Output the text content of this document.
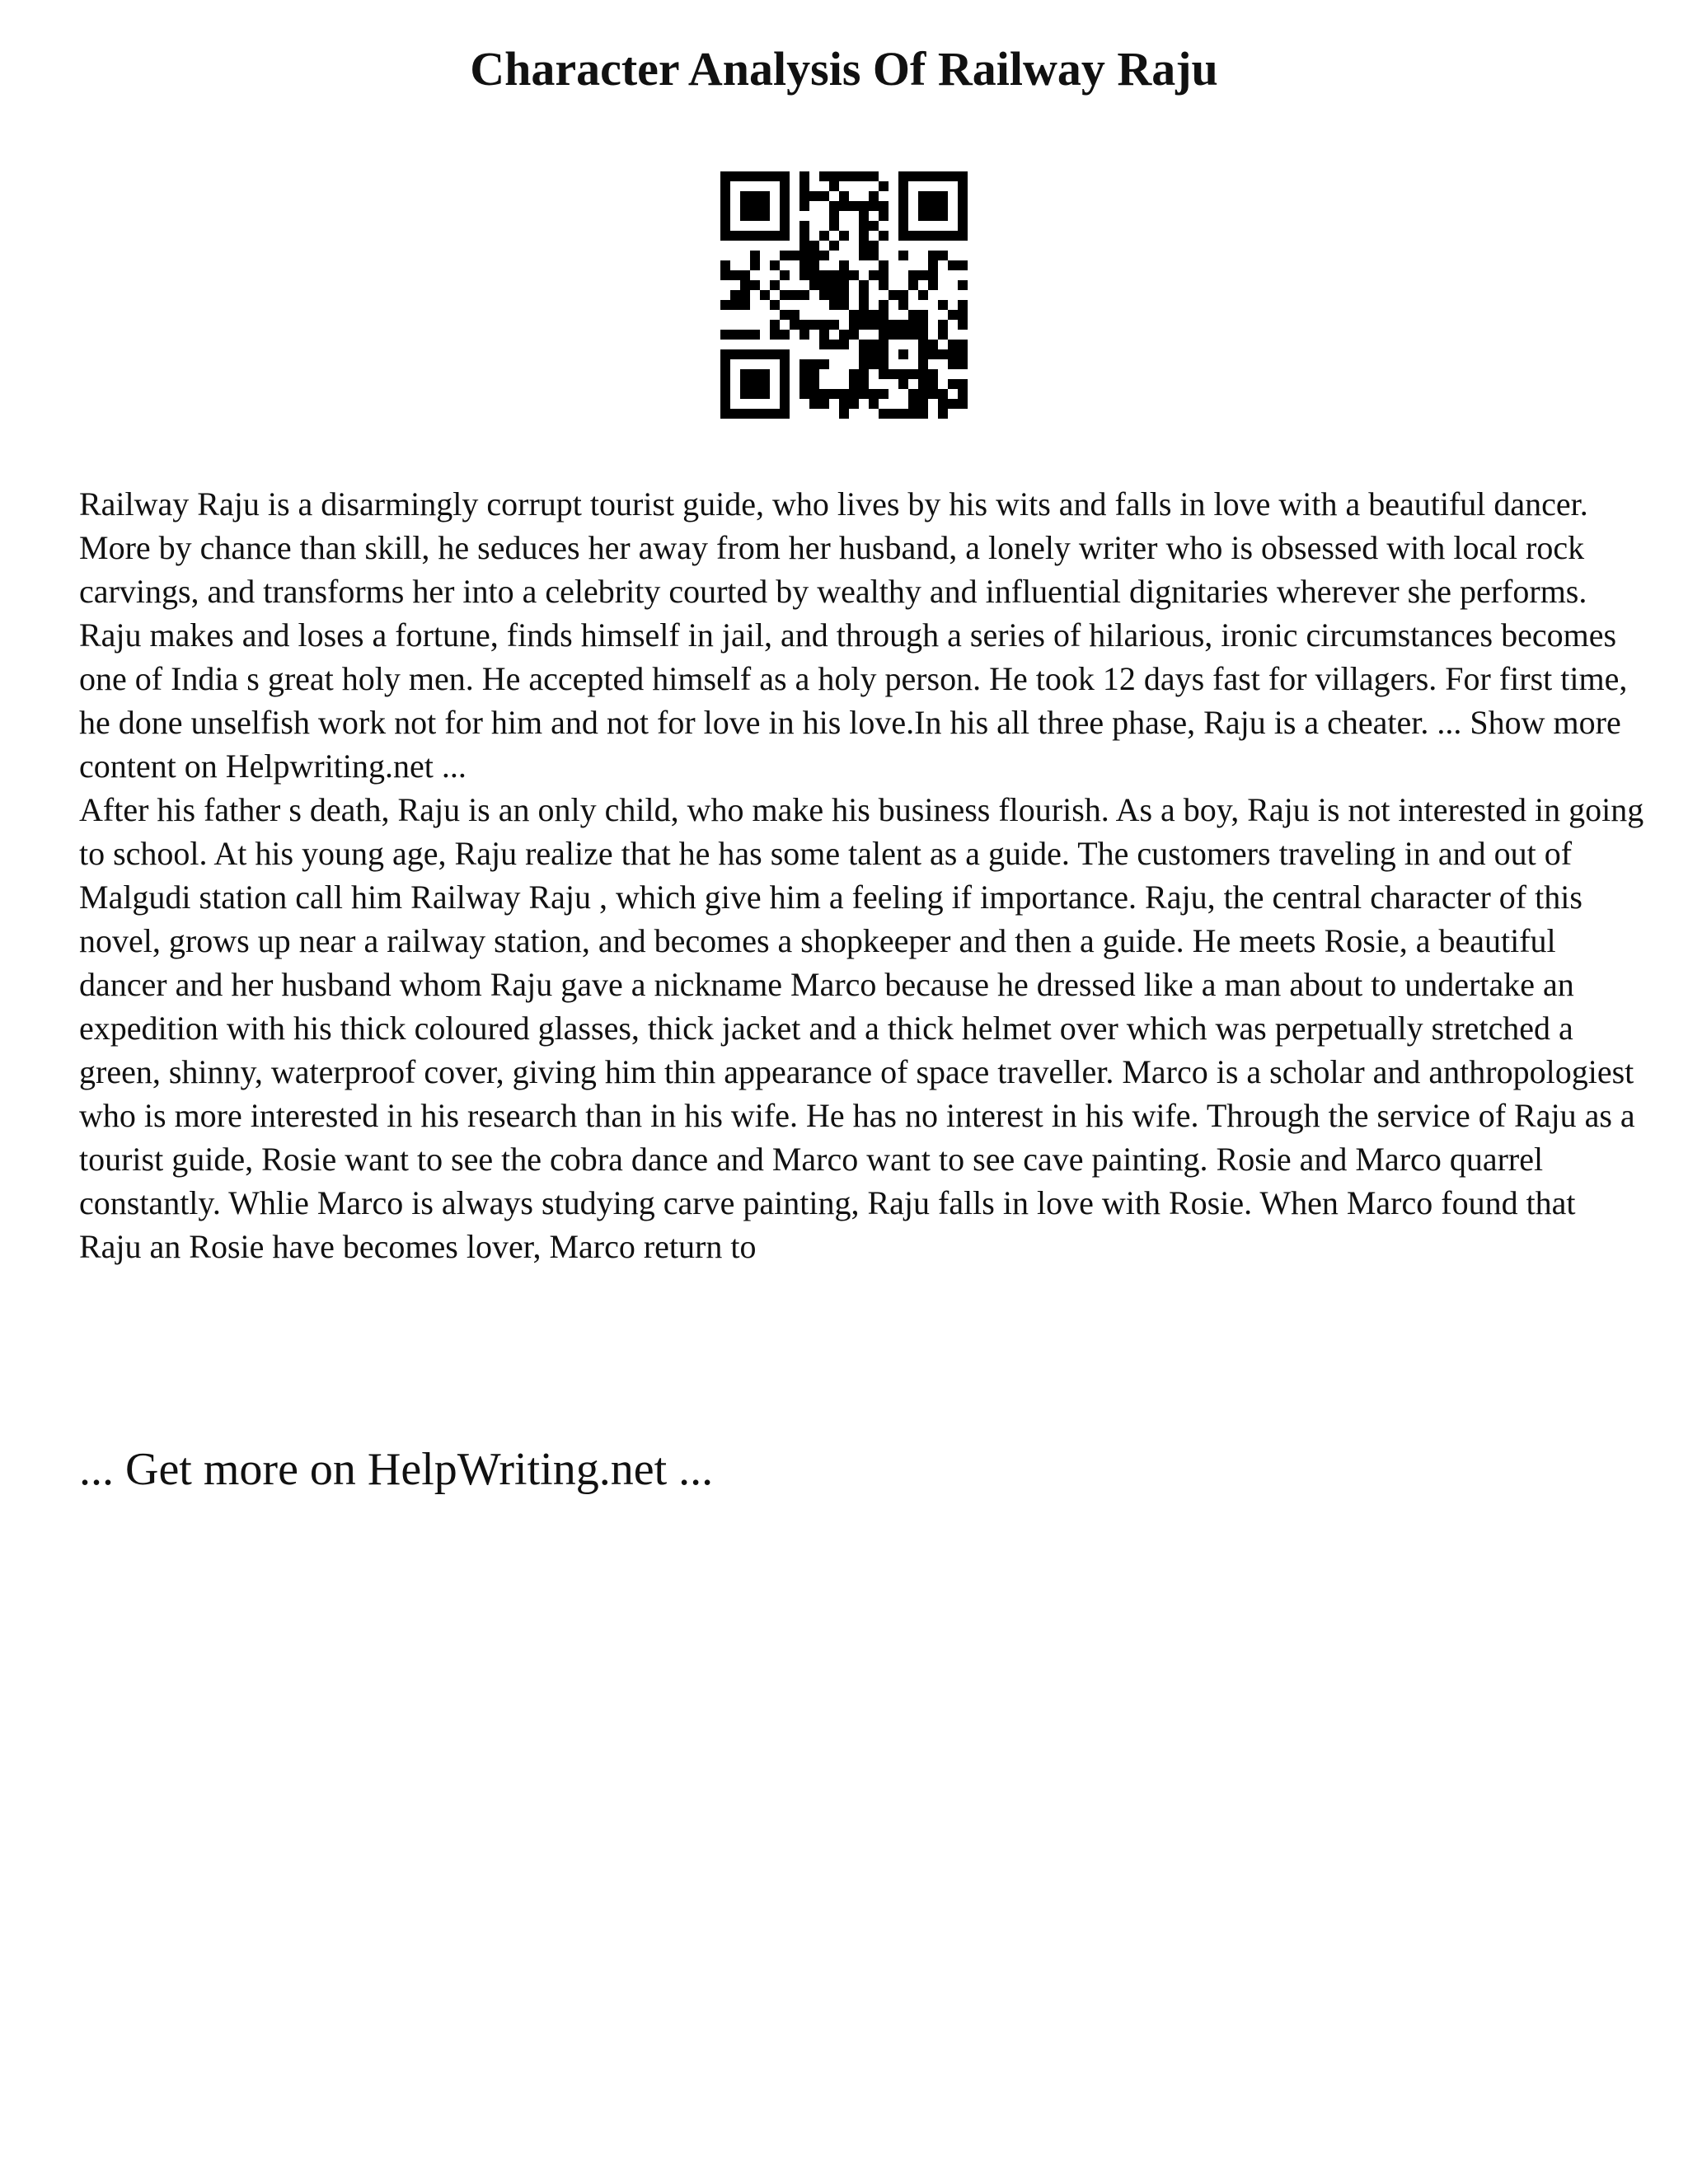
Character Analysis Of Railway Raju

Railway Raju is a disarmingly corrupt tourist guide, who lives by his wits and falls in love with a beautiful dancer. More by chance than skill, he seduces her away from her husband, a lonely writer who is obsessed with local rock carvings, and transforms her into a celebrity courted by wealthy and influential dignitaries wherever she performs. Raju makes and loses a fortune, finds himself in jail, and through a series of hilarious, ironic circumstances becomes one of India s great holy men. He accepted himself as a holy person. He took 12 days fast for villagers. For first time, he done unselfish work not for him and not for love in his love.In his all three phase, Raju is a cheater. ... Show more content on Helpwriting.net ...

After his father s death, Raju is an only child, who make his business flourish. As a boy, Raju is not interested in going to school. At his young age, Raju realize that he has some talent as a guide. The customers traveling in and out of Malgudi station call him Railway Raju , which give him a feeling if importance. Raju, the central character of this novel, grows up near a railway station, and becomes a shopkeeper and then a guide. He meets Rosie, a beautiful dancer and her husband whom Raju gave a nickname Marco because he dressed like a man about to undertake an expedition with his thick coloured glasses, thick jacket and a thick helmet over which was perpetually stretched a green, shinny, waterproof cover, giving him thin appearance of space traveller. Marco is a scholar and anthropologiest who is more interested in his research than in his wife. He has no interest in his wife. Through the service of Raju as a tourist guide, Rosie want to see the cobra dance and Marco want to see cave painting. Rosie and Marco quarrel constantly. Whlie Marco is always studying carve painting, Raju falls in love with Rosie. When Marco found that Raju an Rosie have becomes lover, Marco return to

... Get more on HelpWriting.net ...
